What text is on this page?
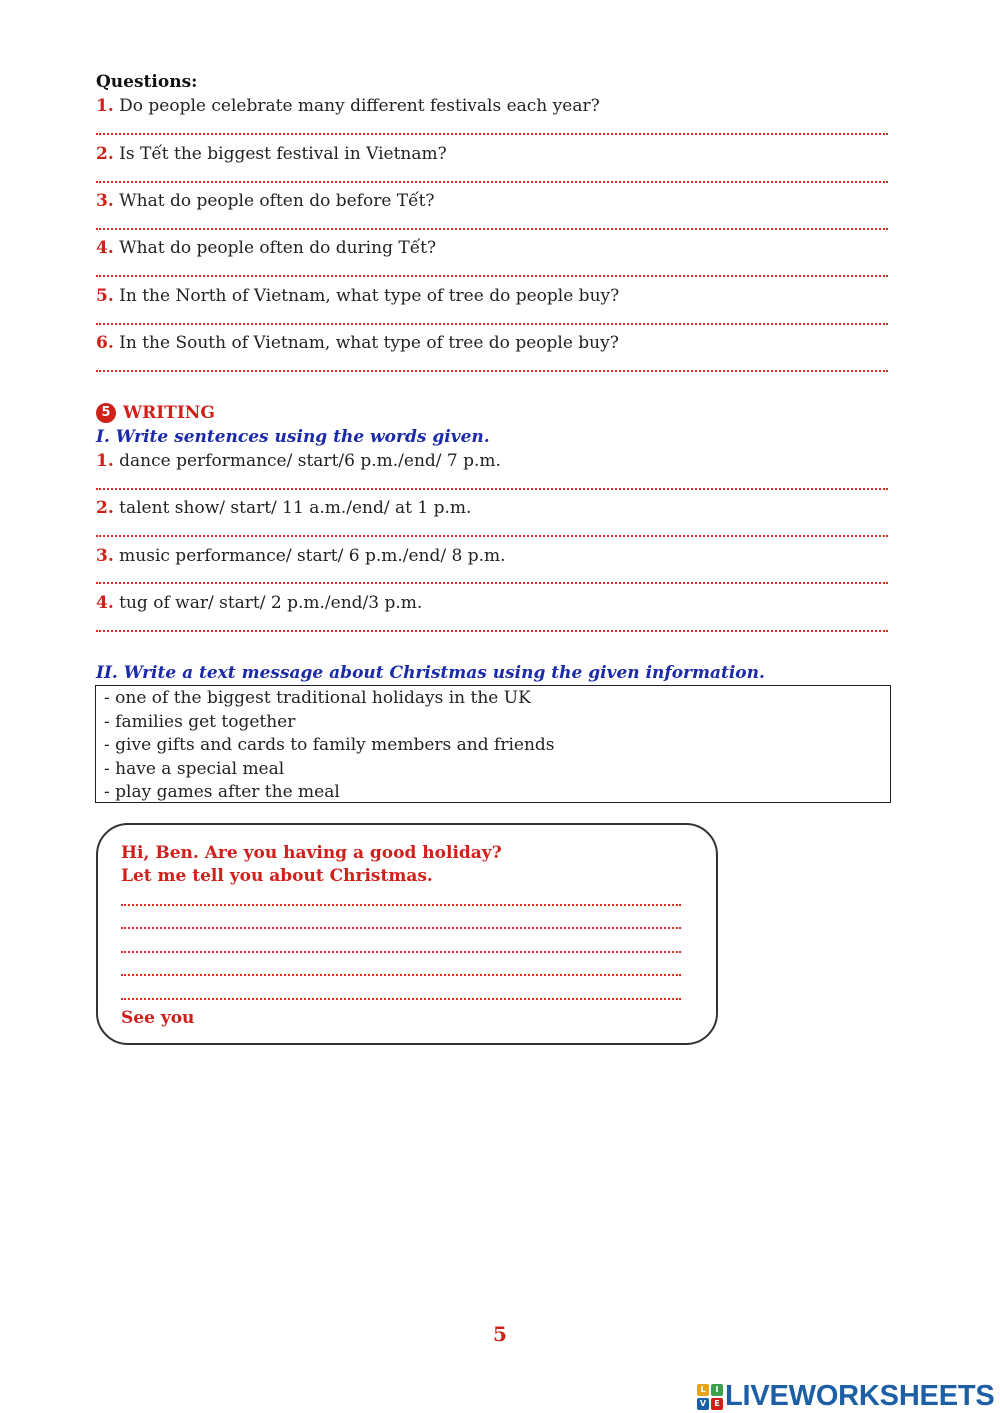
Questions:
1. Do people celebrate many different festivals each year?
2. Is Tết the biggest festival in Vietnam?
3. What do people often do before Tết?
4. What do people often do during Tết?
5. In the North of Vietnam, what type of tree do people buy?
6. In the South of Vietnam, what type of tree do people buy?
5 WRITING
I. Write sentences using the words given.
1. dance performance/ start/6 p.m./end/ 7 p.m.
2. talent show/ start/ 11 a.m./end/ at 1 p.m.
3. music performance/ start/ 6 p.m./end/ 8 p.m.
4. tug of war/ start/ 2 p.m./end/3 p.m.
II. Write a text message about Christmas using the given information.
- one of the biggest traditional holidays in the UK
- families get together
- give gifts and cards to family members and friends
- have a special meal
- play games after the meal
Hi, Ben. Are you having a good holiday?
Let me tell you about Christmas.
See you
5
L	I
V	E LIVEWORKSHEETS
